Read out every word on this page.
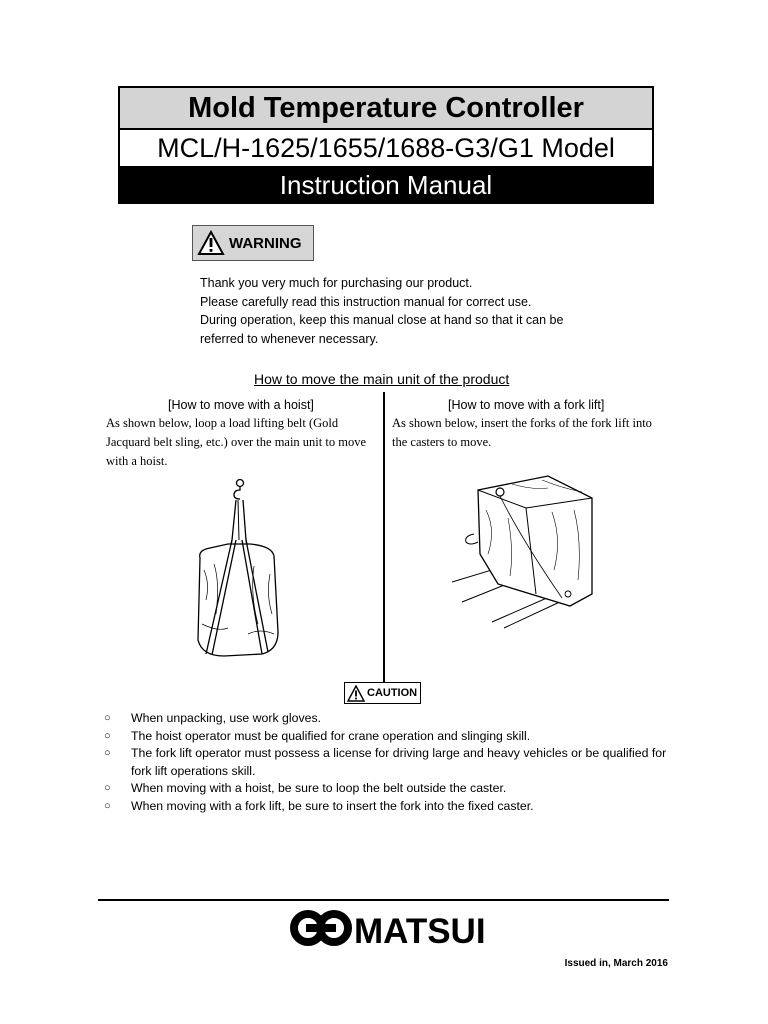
Mold Temperature Controller
MCL/H-1625/1655/1688-G3/G1 Model
Instruction Manual
WARNING
Thank you very much for purchasing our product.
Please carefully read this instruction manual for correct use.
During operation, keep this manual close at hand so that it can be
referred to whenever necessary.
How to move the main unit of the product
[How to move with a hoist]
As shown below, loop a load lifting belt (Gold
Jacquard belt sling, etc.) over the main unit to move
with a hoist.
[How to move with a fork lift]
As shown below, insert the forks of the fork lift into
the casters to move.
CAUTION
○	When unpacking, use work gloves.
○	The hoist operator must be qualified for crane operation and slinging skill.
○	The fork lift operator must possess a license for driving large and heavy vehicles or be qualified for fork lift operations skill.
○	When moving with a hoist, be sure to loop the belt outside the caster.
○	When moving with a fork lift, be sure to insert the fork into the fixed caster.
MATSUI
Issued in, March 2016
